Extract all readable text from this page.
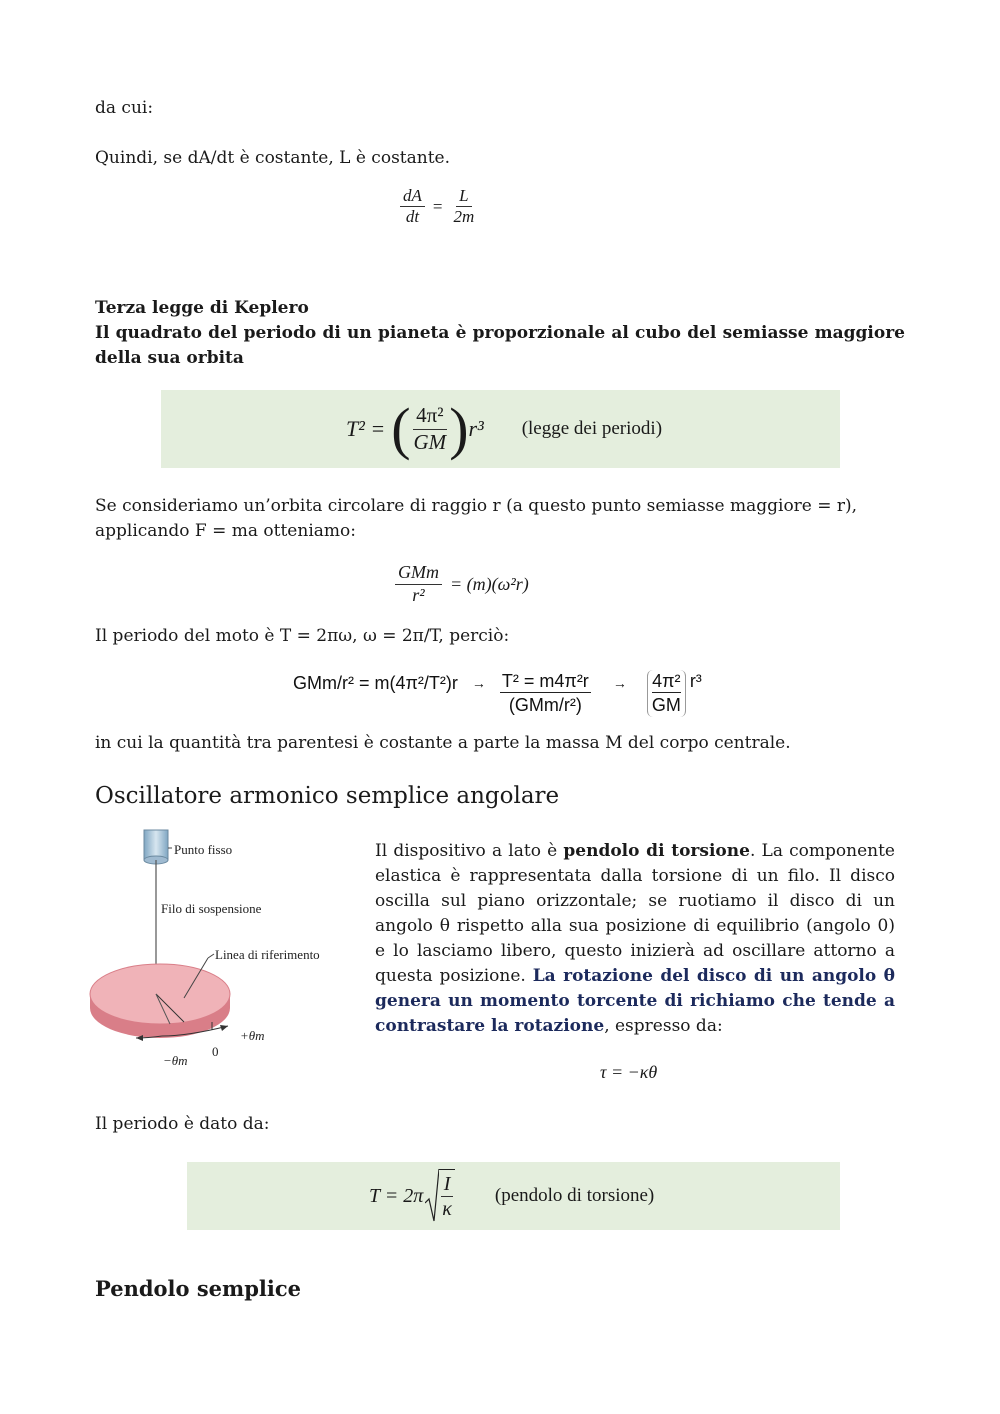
da cui:
Quindi, se dA/dt è costante, L è costante.
$\frac{dA}{dt} = \frac{L}{2m}$
Terza legge di Keplero
Il quadrato del periodo di un pianeta è proporzionale al cubo del semiasse maggiore della sua orbita
T² = ( $\frac{\text{4π²}}{GM}$ ) r³ (legge dei periodi)
Se consideriamo un’orbita circolare di raggio r (a questo punto semiasse maggiore = r), applicando F = ma otteniamo:
$\frac{\text{GMm}}{\text{r²}} = (m)(\omega^2r)$
Il periodo del moto è T = 2πω, ω = 2π/T, perciò:
GMm/r² = m(4π²/T²)r → T² = m4π²r
(GMm/r²)
→ $\frac{\text{4π²}}{GM} r^3$
in cui la quantità tra parentesi è costante a parte la massa M del corpo centrale.
Oscillatore armonico semplice angolare
Punto fisso
Filo di sospensione
Linea di riferimento
+θm
0
−θm
Il dispositivo a lato è pendolo di torsione. La componente elastica è rappresentata dalla torsione di un filo. Il disco oscilla sul piano orizzontale; se ruotiamo il disco di un angolo θ rispetto alla sua posizione di equilibrio (angolo 0) e lo lasciamo libero, questo inizierà ad oscillare attorno a questa posizione. La rotazione del disco di un angolo θ genera un momento torcente di richiamo che tende a contrastare la rotazione, espresso da:
τ = −κθ
Il periodo è dato da:
$T = 2\pi \frac{I}{\kappa}$ (pendolo di torsione)
Pendolo semplice
